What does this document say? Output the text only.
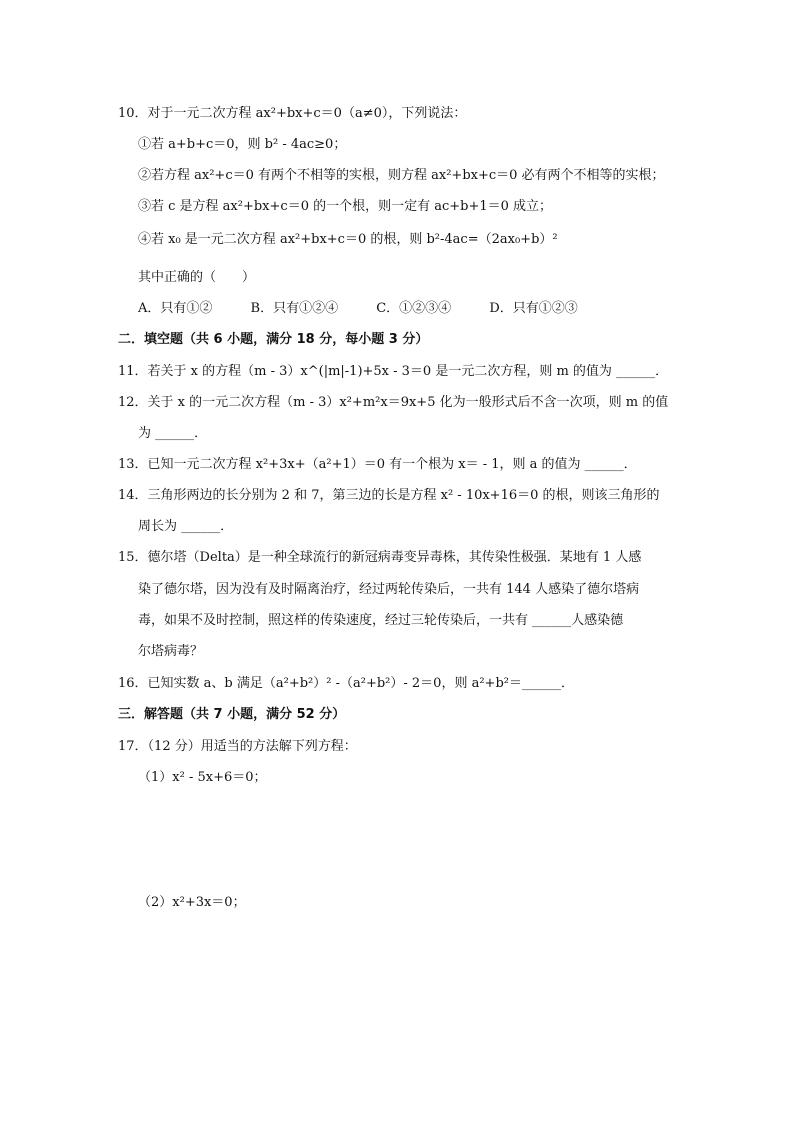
10．对于一元二次方程 ax²+bx+c＝0（a≠0），下列说法：
①若 a+b+c＝0，则 b² - 4ac≥0；
②若方程 ax²+c＝0 有两个不相等的实根，则方程 ax²+bx+c＝0 必有两个不相等的实根；
③若 c 是方程 ax²+bx+c＝0 的一个根，则一定有 ac+b+1＝0 成立；
④若 x₀ 是一元二次方程 ax²+bx+c＝0 的根，则 b²-4ac=（2ax₀+b）²
其中正确的（　　）
A．只有①②	B．只有①②④	C．①②③④	D．只有①②③
二．填空题（共 6 小题，满分 18 分，每小题 3 分）
11．若关于 x 的方程（m - 3）x^(|m|-1)+5x - 3＝0 是一元二次方程，则 m 的值为 ______．
12．关于 x 的一元二次方程（m - 3）x²+m²x＝9x+5 化为一般形式后不含一次项，则 m 的值
为 ______．
13．已知一元二次方程 x²+3x+（a²+1）＝0 有一个根为 x＝ - 1，则 a 的值为 ______．
14．三角形两边的长分别为 2 和 7，第三边的长是方程 x² - 10x+16＝0 的根，则该三角形的
周长为 ______．
15．德尔塔（Delta）是一种全球流行的新冠病毒变异毒株，其传染性极强．某地有 1 人感
染了德尔塔，因为没有及时隔离治疗，经过两轮传染后，一共有 144 人感染了德尔塔病
毒，如果不及时控制，照这样的传染速度，经过三轮传染后，一共有 ______人感染德
尔塔病毒？
16．已知实数 a、b 满足（a²+b²）² -（a²+b²）- 2＝0，则 a²+b²＝______．
三．解答题（共 7 小题，满分 52 分）
17．（12 分）用适当的方法解下列方程：
（1）x² - 5x+6＝0；
（2）x²+3x＝0；
